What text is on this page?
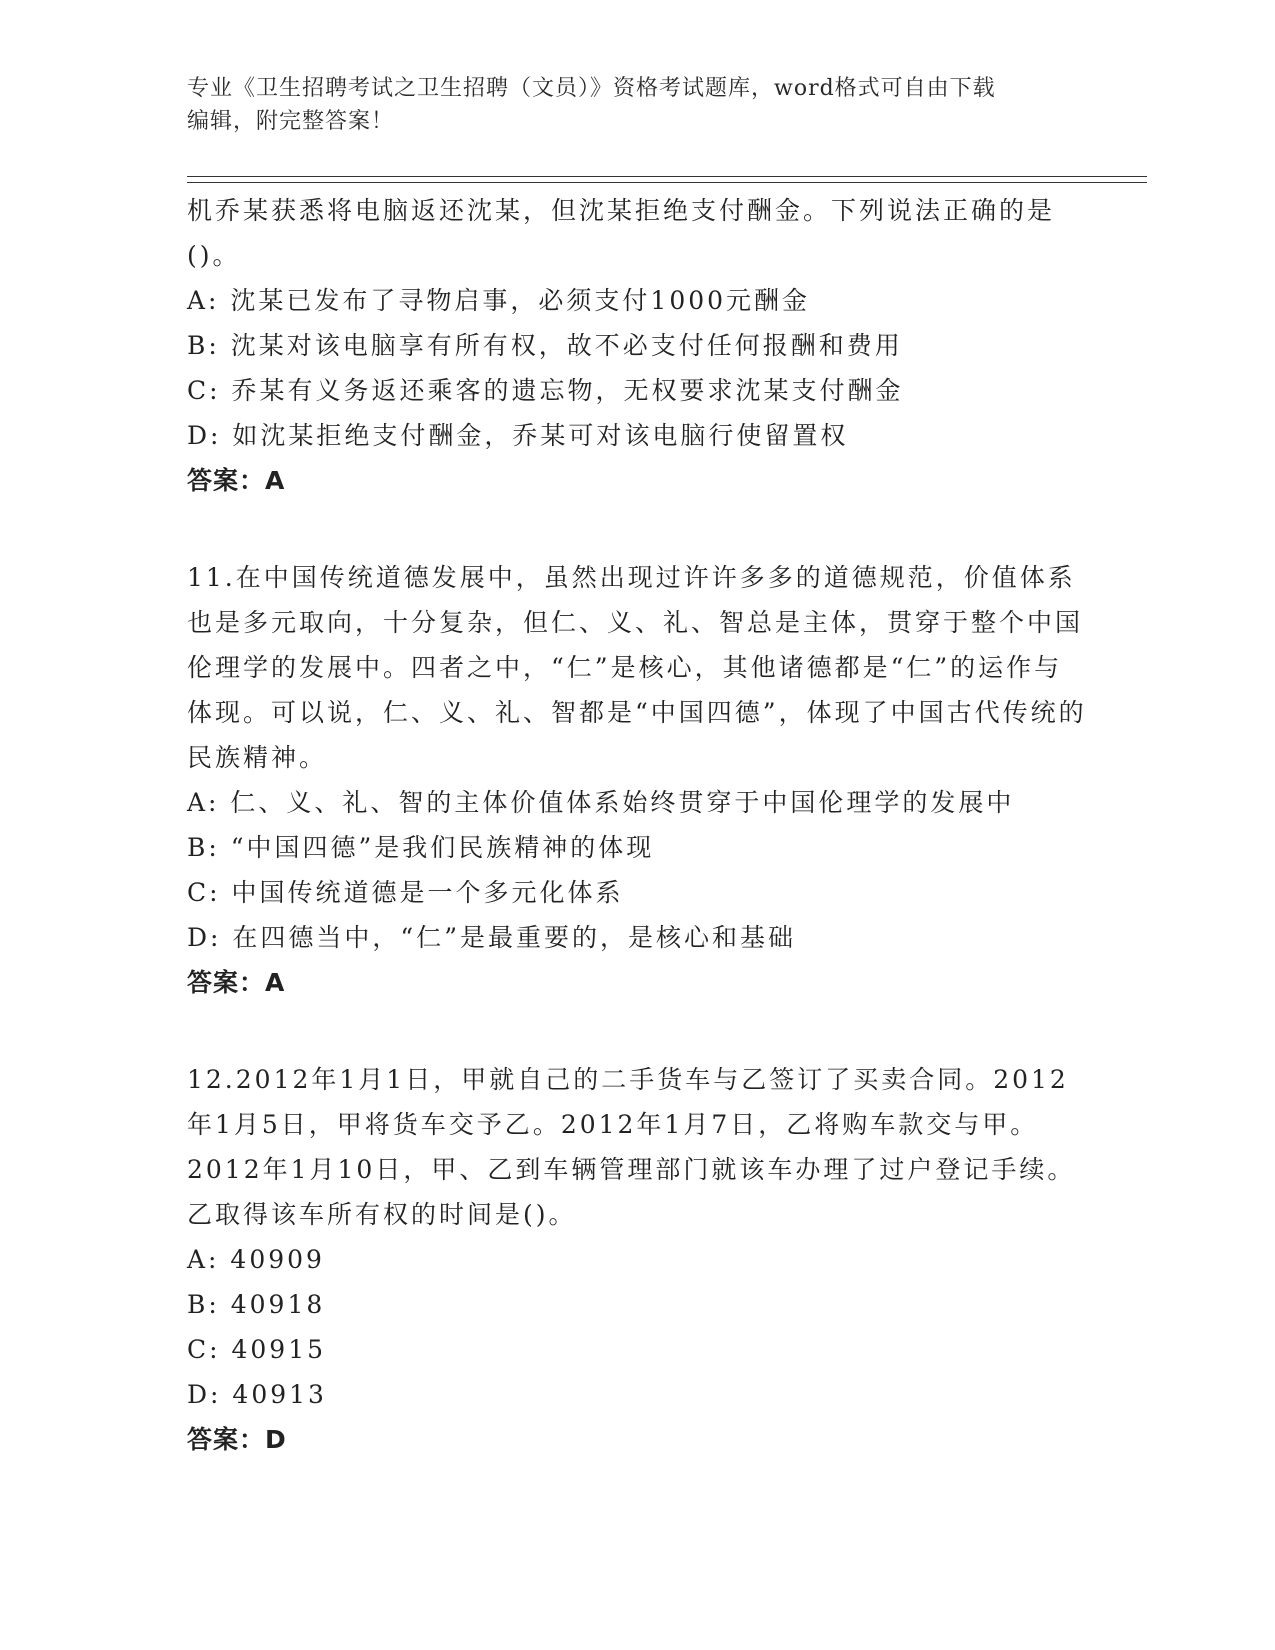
专业《卫生招聘考试之卫生招聘（文员）》资格考试题库，word格式可自由下载
编辑，附完整答案！

机乔某获悉将电脑返还沈某，但沈某拒绝支付酬金。下列说法正确的是()。

A: 沈某已发布了寻物启事，必须支付1000元酬金

B: 沈某对该电脑享有所有权，故不必支付任何报酬和费用

C: 乔某有义务返还乘客的遗忘物，无权要求沈某支付酬金

D: 如沈某拒绝支付酬金，乔某可对该电脑行使留置权

答案：A

11.在中国传统道德发展中，虽然出现过许许多多的道德规范，价值体系也是多元取向，十分复杂，但仁、义、礼、智总是主体，贯穿于整个中国伦理学的发展中。四者之中，“仁”是核心，其他诸德都是“仁”的运作与体现。可以说，仁、义、礼、智都是“中国四德”，体现了中国古代传统的民族精神。

A: 仁、义、礼、智的主体价值体系始终贯穿于中国伦理学的发展中

B: “中国四德”是我们民族精神的体现

C: 中国传统道德是一个多元化体系

D: 在四德当中，“仁”是最重要的，是核心和基础

答案：A

12.2012年1月1日，甲就自己的二手货车与乙签订了买卖合同。2012年1月5日，甲将货车交予乙。2012年1月7日，乙将购车款交与甲。2012年1月10日，甲、乙到车辆管理部门就该车办理了过户登记手续。乙取得该车所有权的时间是()。

A: 40909

B: 40918

C: 40915

D: 40913

答案：D
